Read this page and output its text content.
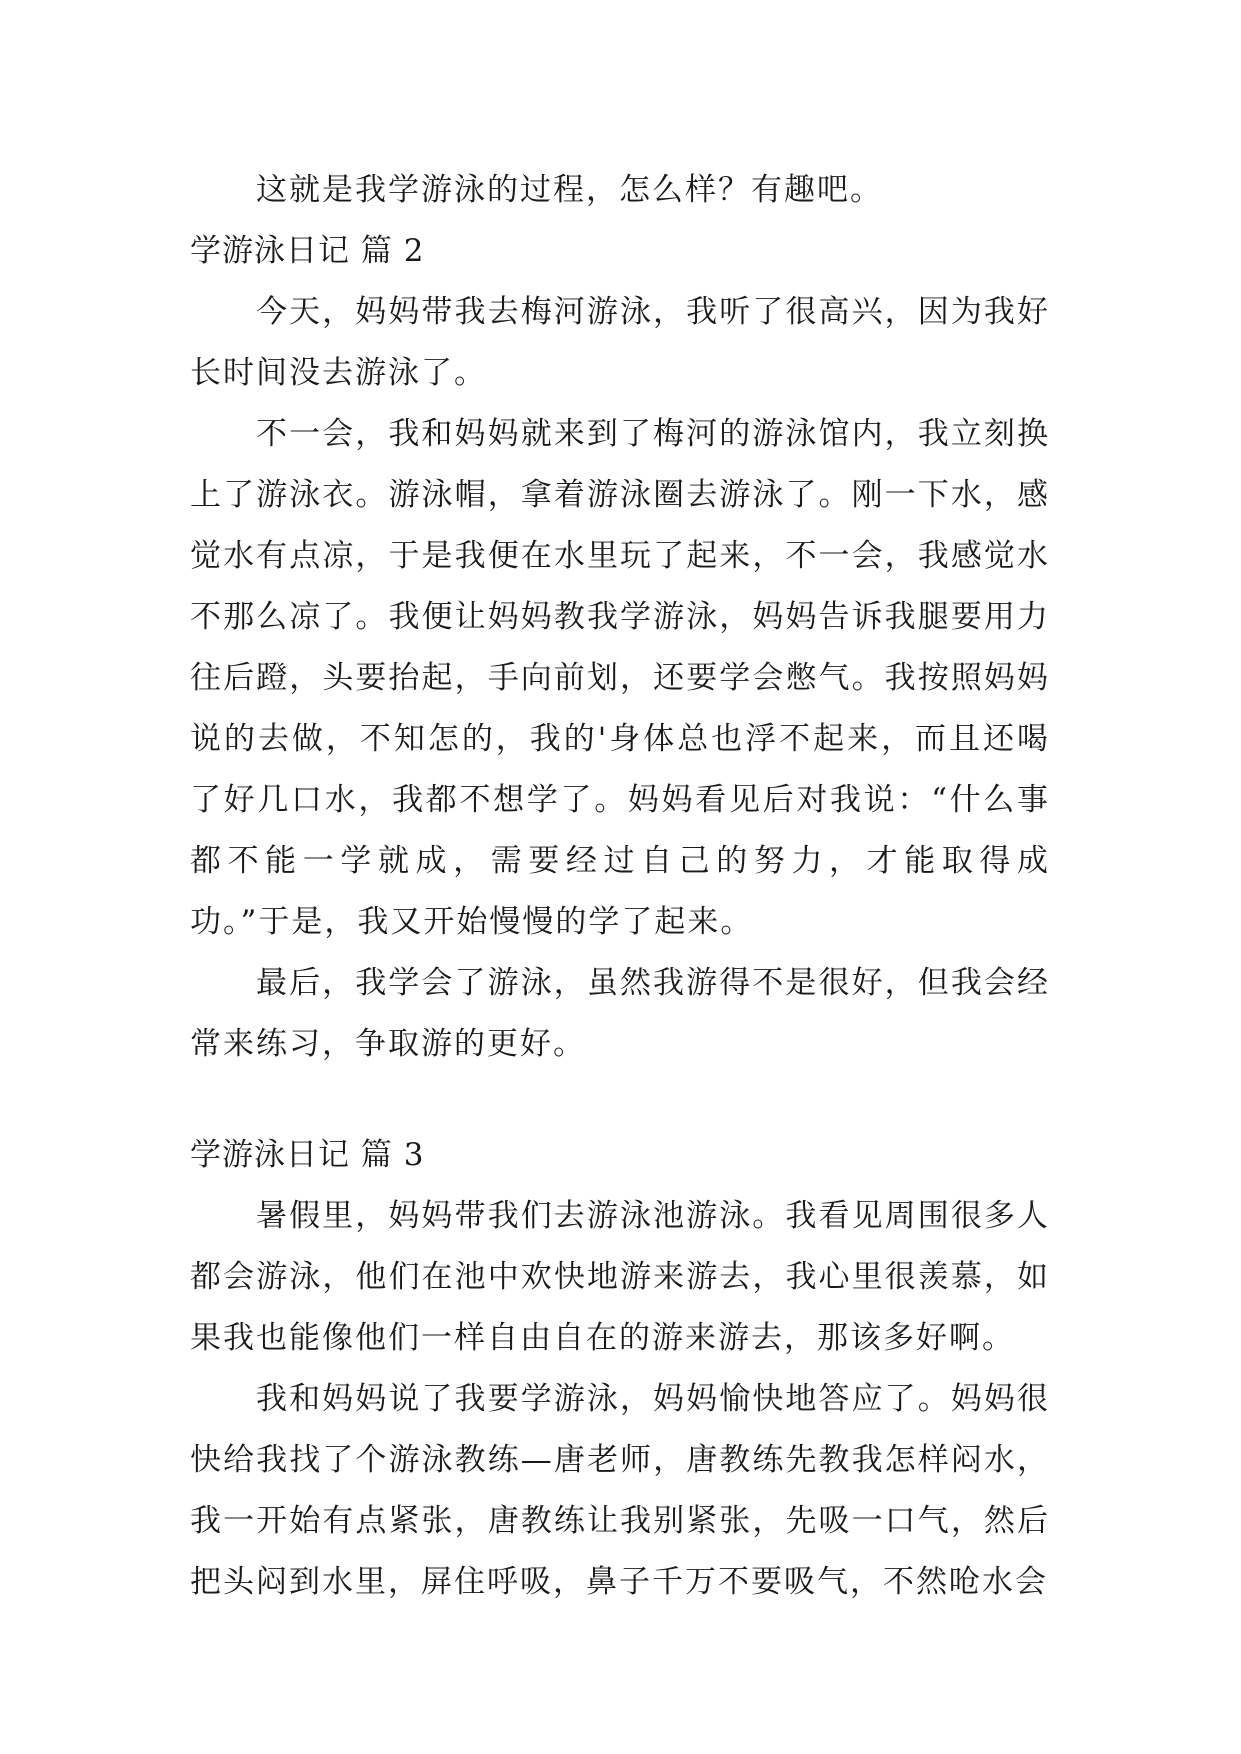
这就是我学游泳的过程，怎么样？有趣吧。

学游泳日记 篇 2

今天，妈妈带我去梅河游泳，我听了很高兴，因为我好长时间没去游泳了。

不一会，我和妈妈就来到了梅河的游泳馆内，我立刻换上了游泳衣。游泳帽，拿着游泳圈去游泳了。刚一下水，感觉水有点凉，于是我便在水里玩了起来，不一会，我感觉水不那么凉了。我便让妈妈教我学游泳，妈妈告诉我腿要用力往后蹬，头要抬起，手向前划，还要学会憋气。我按照妈妈说的去做，不知怎的，我的'身体总也浮不起来，而且还喝了好几口水，我都不想学了。妈妈看见后对我说：“什么事都不能一学就成，需要经过自己的努力，才能取得成功。”于是，我又开始慢慢的学了起来。

最后，我学会了游泳，虽然我游得不是很好，但我会经常来练习，争取游的更好。

学游泳日记 篇 3

暑假里，妈妈带我们去游泳池游泳。我看见周围很多人都会游泳，他们在池中欢快地游来游去，我心里很羡慕，如果我也能像他们一样自由自在的游来游去，那该多好啊。

我和妈妈说了我要学游泳，妈妈愉快地答应了。妈妈很快给我找了个游泳教练—唐老师，唐教练先教我怎样闷水，我一开始有点紧张，唐教练让我别紧张，先吸一口气，然后把头闷到水里，屏住呼吸，鼻子千万不要吸气，不然呛水会
